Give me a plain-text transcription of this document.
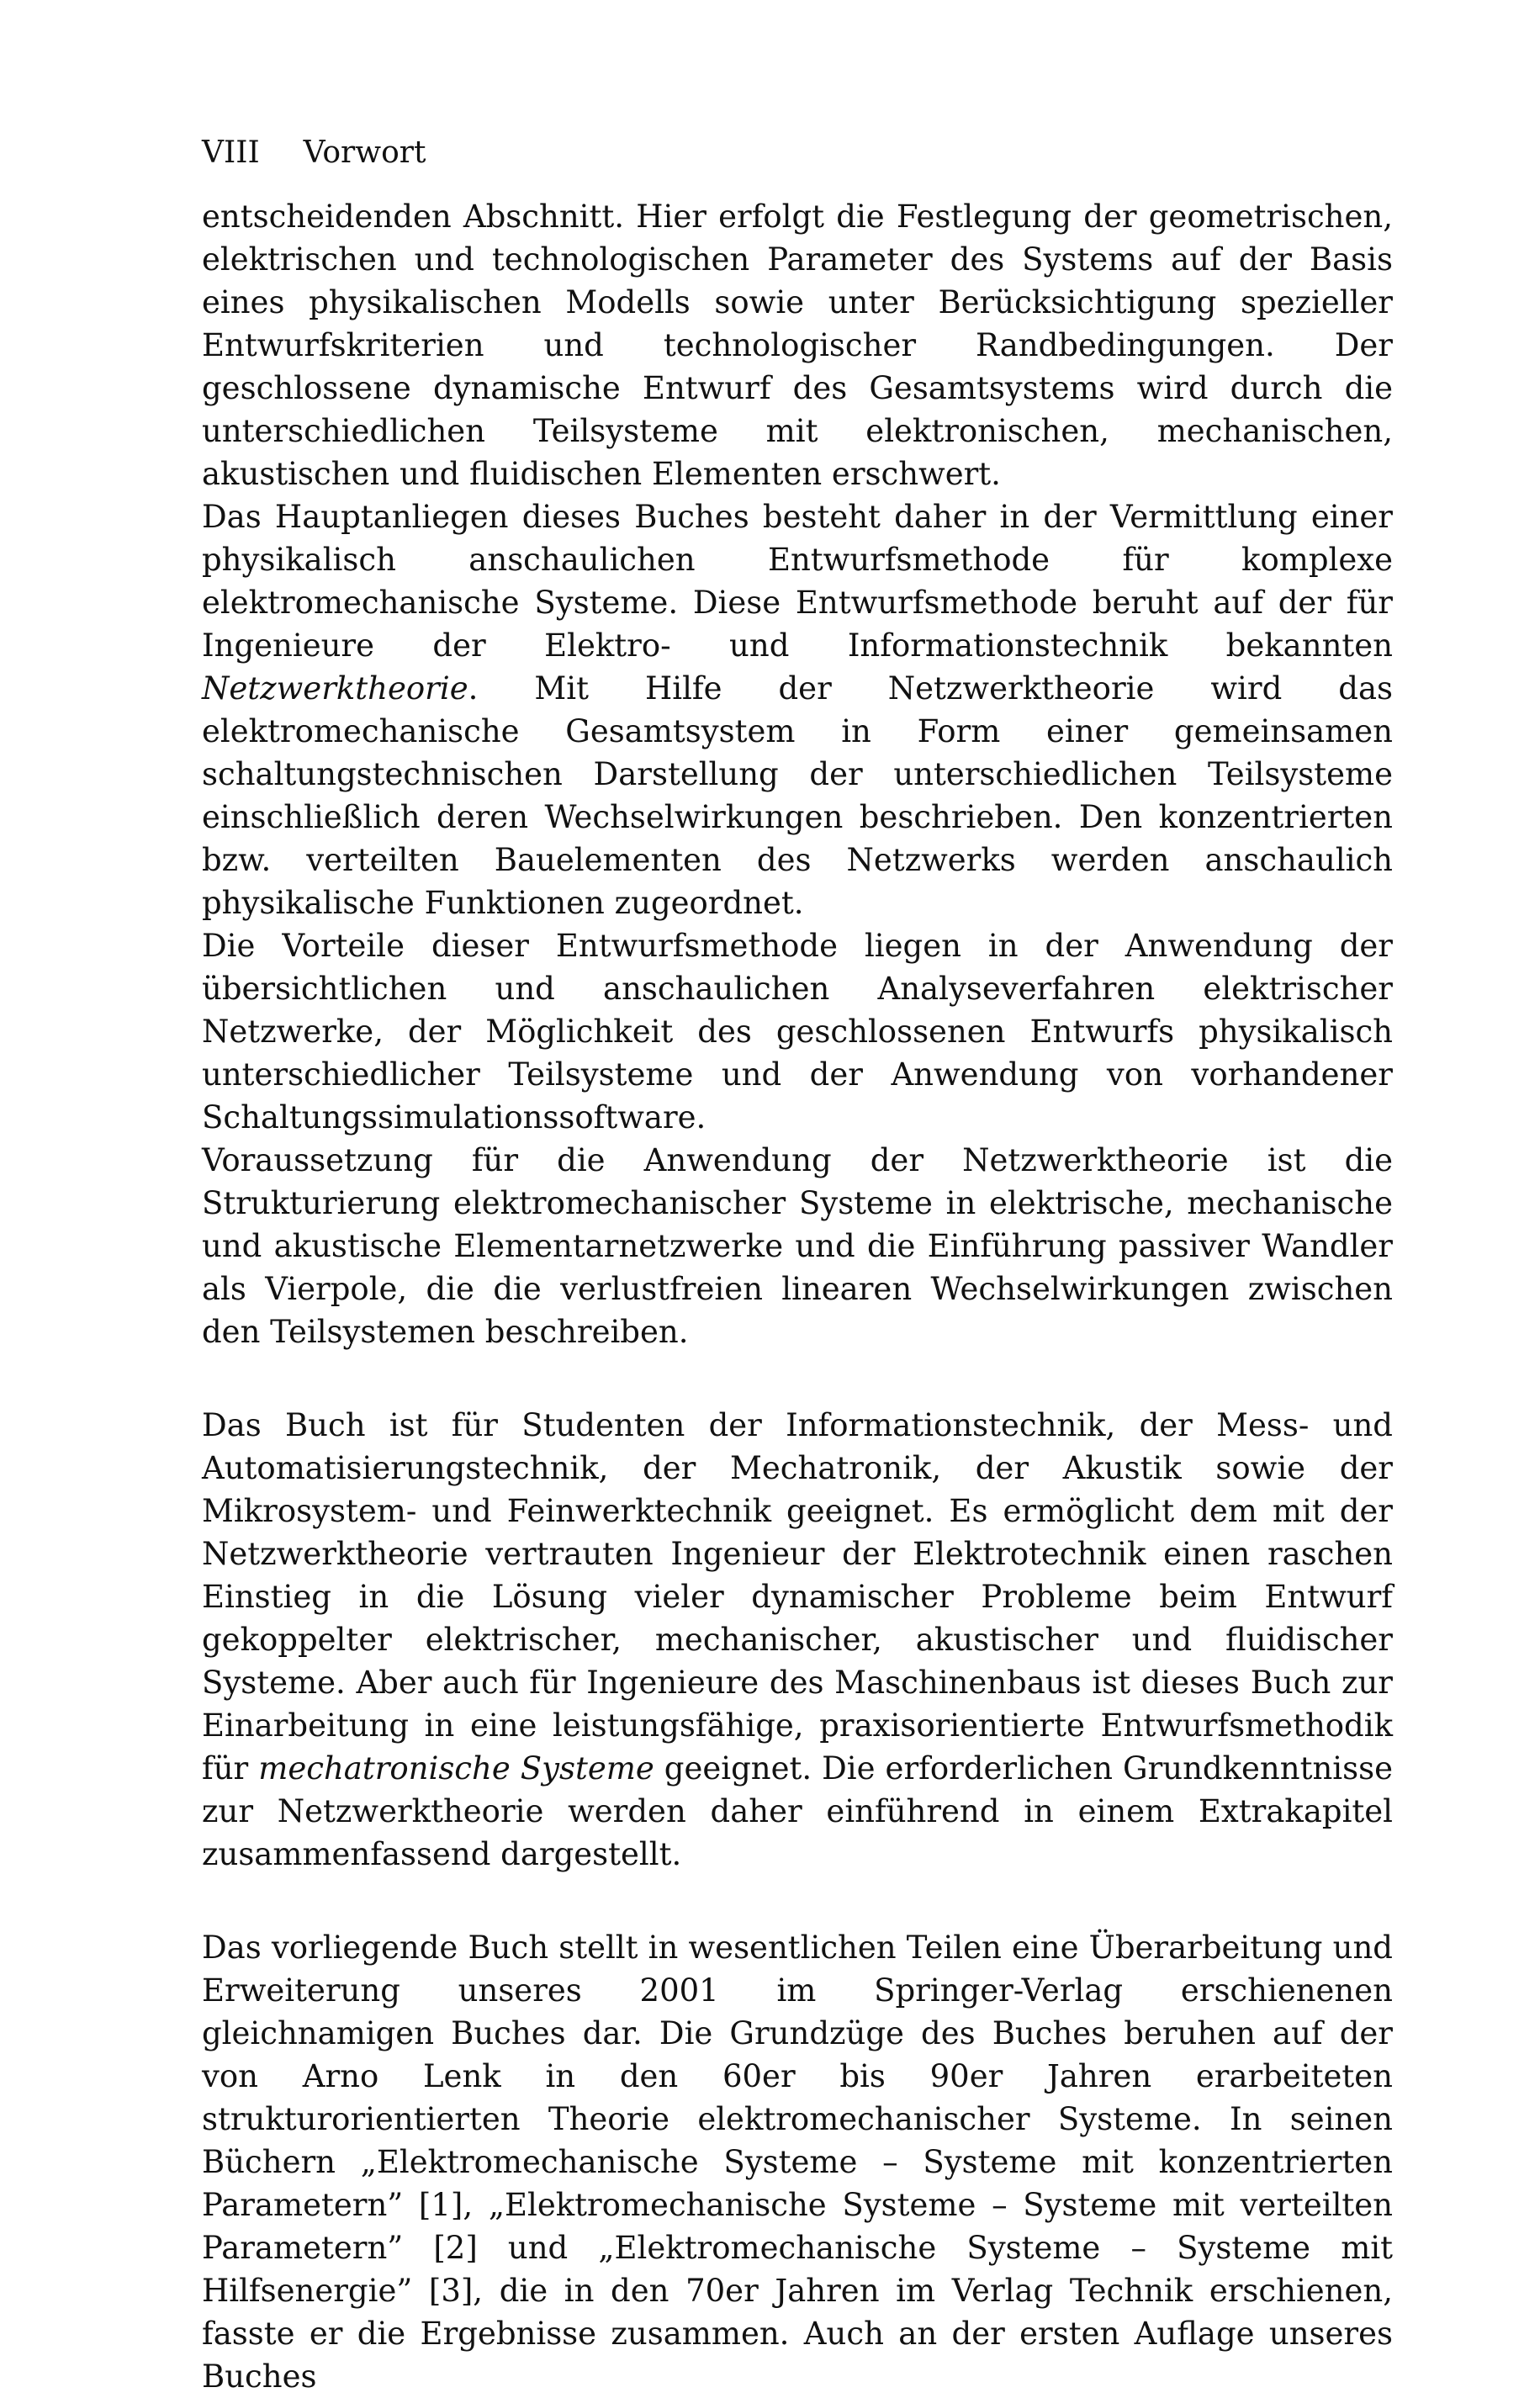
VIII Vorwort

entscheidenden Abschnitt. Hier erfolgt die Festlegung der geometrischen, elektrischen und technologischen Parameter des Systems auf der Basis eines physikalischen Modells sowie unter Berücksichtigung spezieller Entwurfskriterien und technologischer Randbedingungen. Der geschlossene dynamische Entwurf des Gesamtsystems wird durch die unterschiedlichen Teilsysteme mit elektronischen, mechanischen, akustischen und fluidischen Elementen erschwert.

Das Hauptanliegen dieses Buches besteht daher in der Vermittlung einer physikalisch anschaulichen Entwurfsmethode für komplexe elektromechanische Systeme. Diese Entwurfsmethode beruht auf der für Ingenieure der Elektro- und Informationstechnik bekannten Netzwerktheorie. Mit Hilfe der Netzwerktheorie wird das elektromechanische Gesamtsystem in Form einer gemeinsamen schaltungstechnischen Darstellung der unterschiedlichen Teilsysteme einschließlich deren Wechselwirkungen beschrieben. Den konzentrierten bzw. verteilten Bauelementen des Netzwerks werden anschaulich physikalische Funktionen zugeordnet.

Die Vorteile dieser Entwurfsmethode liegen in der Anwendung der übersichtlichen und anschaulichen Analyseverfahren elektrischer Netzwerke, der Möglichkeit des geschlossenen Entwurfs physikalisch unterschiedlicher Teilsysteme und der Anwendung von vorhandener Schaltungssimulationssoftware.

Voraussetzung für die Anwendung der Netzwerktheorie ist die Strukturierung elektromechanischer Systeme in elektrische, mechanische und akustische Elementarnetzwerke und die Einführung passiver Wandler als Vierpole, die die verlustfreien linearen Wechselwirkungen zwischen den Teilsystemen beschreiben.

Das Buch ist für Studenten der Informationstechnik, der Mess- und Automatisierungstechnik, der Mechatronik, der Akustik sowie der Mikrosystem- und Feinwerktechnik geeignet. Es ermöglicht dem mit der Netzwerktheorie vertrauten Ingenieur der Elektrotechnik einen raschen Einstieg in die Lösung vieler dynamischer Probleme beim Entwurf gekoppelter elektrischer, mechanischer, akustischer und fluidischer Systeme. Aber auch für Ingenieure des Maschinenbaus ist dieses Buch zur Einarbeitung in eine leistungsfähige, praxisorientierte Entwurfsmethodik für mechatronische Systeme geeignet. Die erforderlichen Grundkenntnisse zur Netzwerktheorie werden daher einführend in einem Extrakapitel zusammenfassend dargestellt.

Das vorliegende Buch stellt in wesentlichen Teilen eine Überarbeitung und Erweiterung unseres 2001 im Springer-Verlag erschienenen gleichnamigen Buches dar. Die Grundzüge des Buches beruhen auf der von Arno Lenk in den 60er bis 90er Jahren erarbeiteten strukturorientierten Theorie elektromechanischer Systeme. In seinen Büchern „Elektromechanische Systeme – Systeme mit konzentrierten Parametern” [1], „Elektromechanische Systeme – Systeme mit verteilten Parametern” [2] und „Elektromechanische Systeme – Systeme mit Hilfsenergie” [3], die in den 70er Jahren im Verlag Technik erschienen, fasste er die Ergebnisse zusammen. Auch an der ersten Auflage unseres Buches
